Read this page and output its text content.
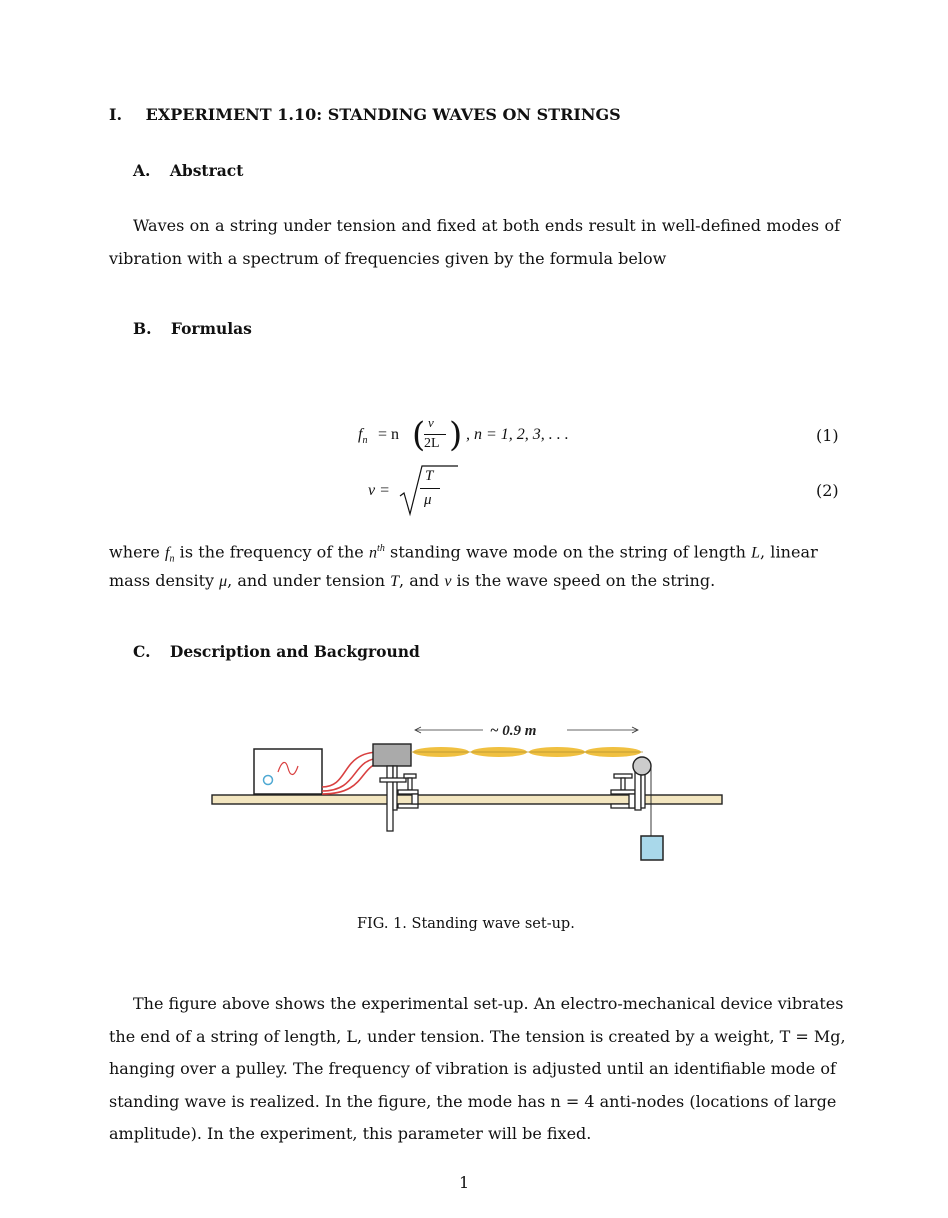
I. EXPERIMENT 1.10: STANDING WAVES ON STRINGS
A. Abstract

Waves on a string under tension and fixed at both ends result in well-defined modes of vibration with a spectrum of frequencies given by the formula below

B. Formulas
$f_n = n$ ( v
2L ) , n = 1, 2, 3, . . .	(1)
v =
T
μ	(2)

where $f_n$ is the frequency of the $n^{th}$ standing wave mode on the string of length L, linear

mass density μ, and under tension T, and v is the wave speed on the string.

C. Description and Background
~ 0.9 m
FIG. 1. Standing wave set-up.
The figure above shows the experimental set-up. An electro-mechanical device vibrates
the end of a string of length, L, under tension. The tension is created by a weight, T = Mg,
hanging over a pulley. The frequency of vibration is adjusted until an identifiable mode of
standing wave is realized. In the figure, the mode has n = 4 anti-nodes (locations of large
amplitude). In the experiment, this parameter will be fixed.
1
